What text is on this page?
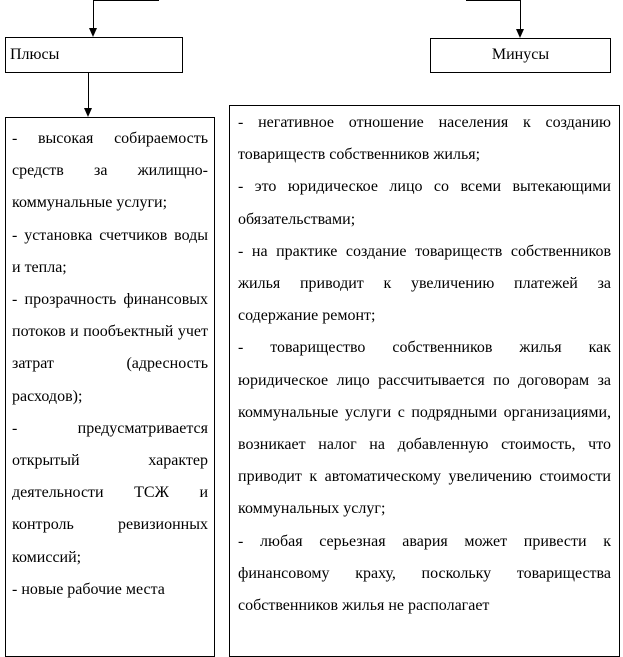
Плюсы	Минусы
- высокая собираемость средств за жилищно-коммунальные услуги;
- установка счетчиков воды и тепла;
- прозрачность финансовых потоков и пообъектный учет затрат (адресность расходов);
- предусматривается открытый характер деятельности ТСЖ и контроль ревизионных комиссий;
- новые рабочие места
- негативное отношение населения к созданию товариществ собственников жилья;
- это юридическое лицо со всеми вытекающими обязательствами;
- на практике создание товариществ собственников жилья приводит к увеличению платежей за содержание ремонт;
- товарищество собственников жилья как юридическое лицо рассчитывается по договорам за коммунальные услуги с подрядными организациями, возникает налог на добавленную стоимость, что приводит к автоматическому увеличению стоимости коммунальных услуг;
- любая серьезная авария может привести к финансовому краху, поскольку товарищества собственников жилья не располагает
